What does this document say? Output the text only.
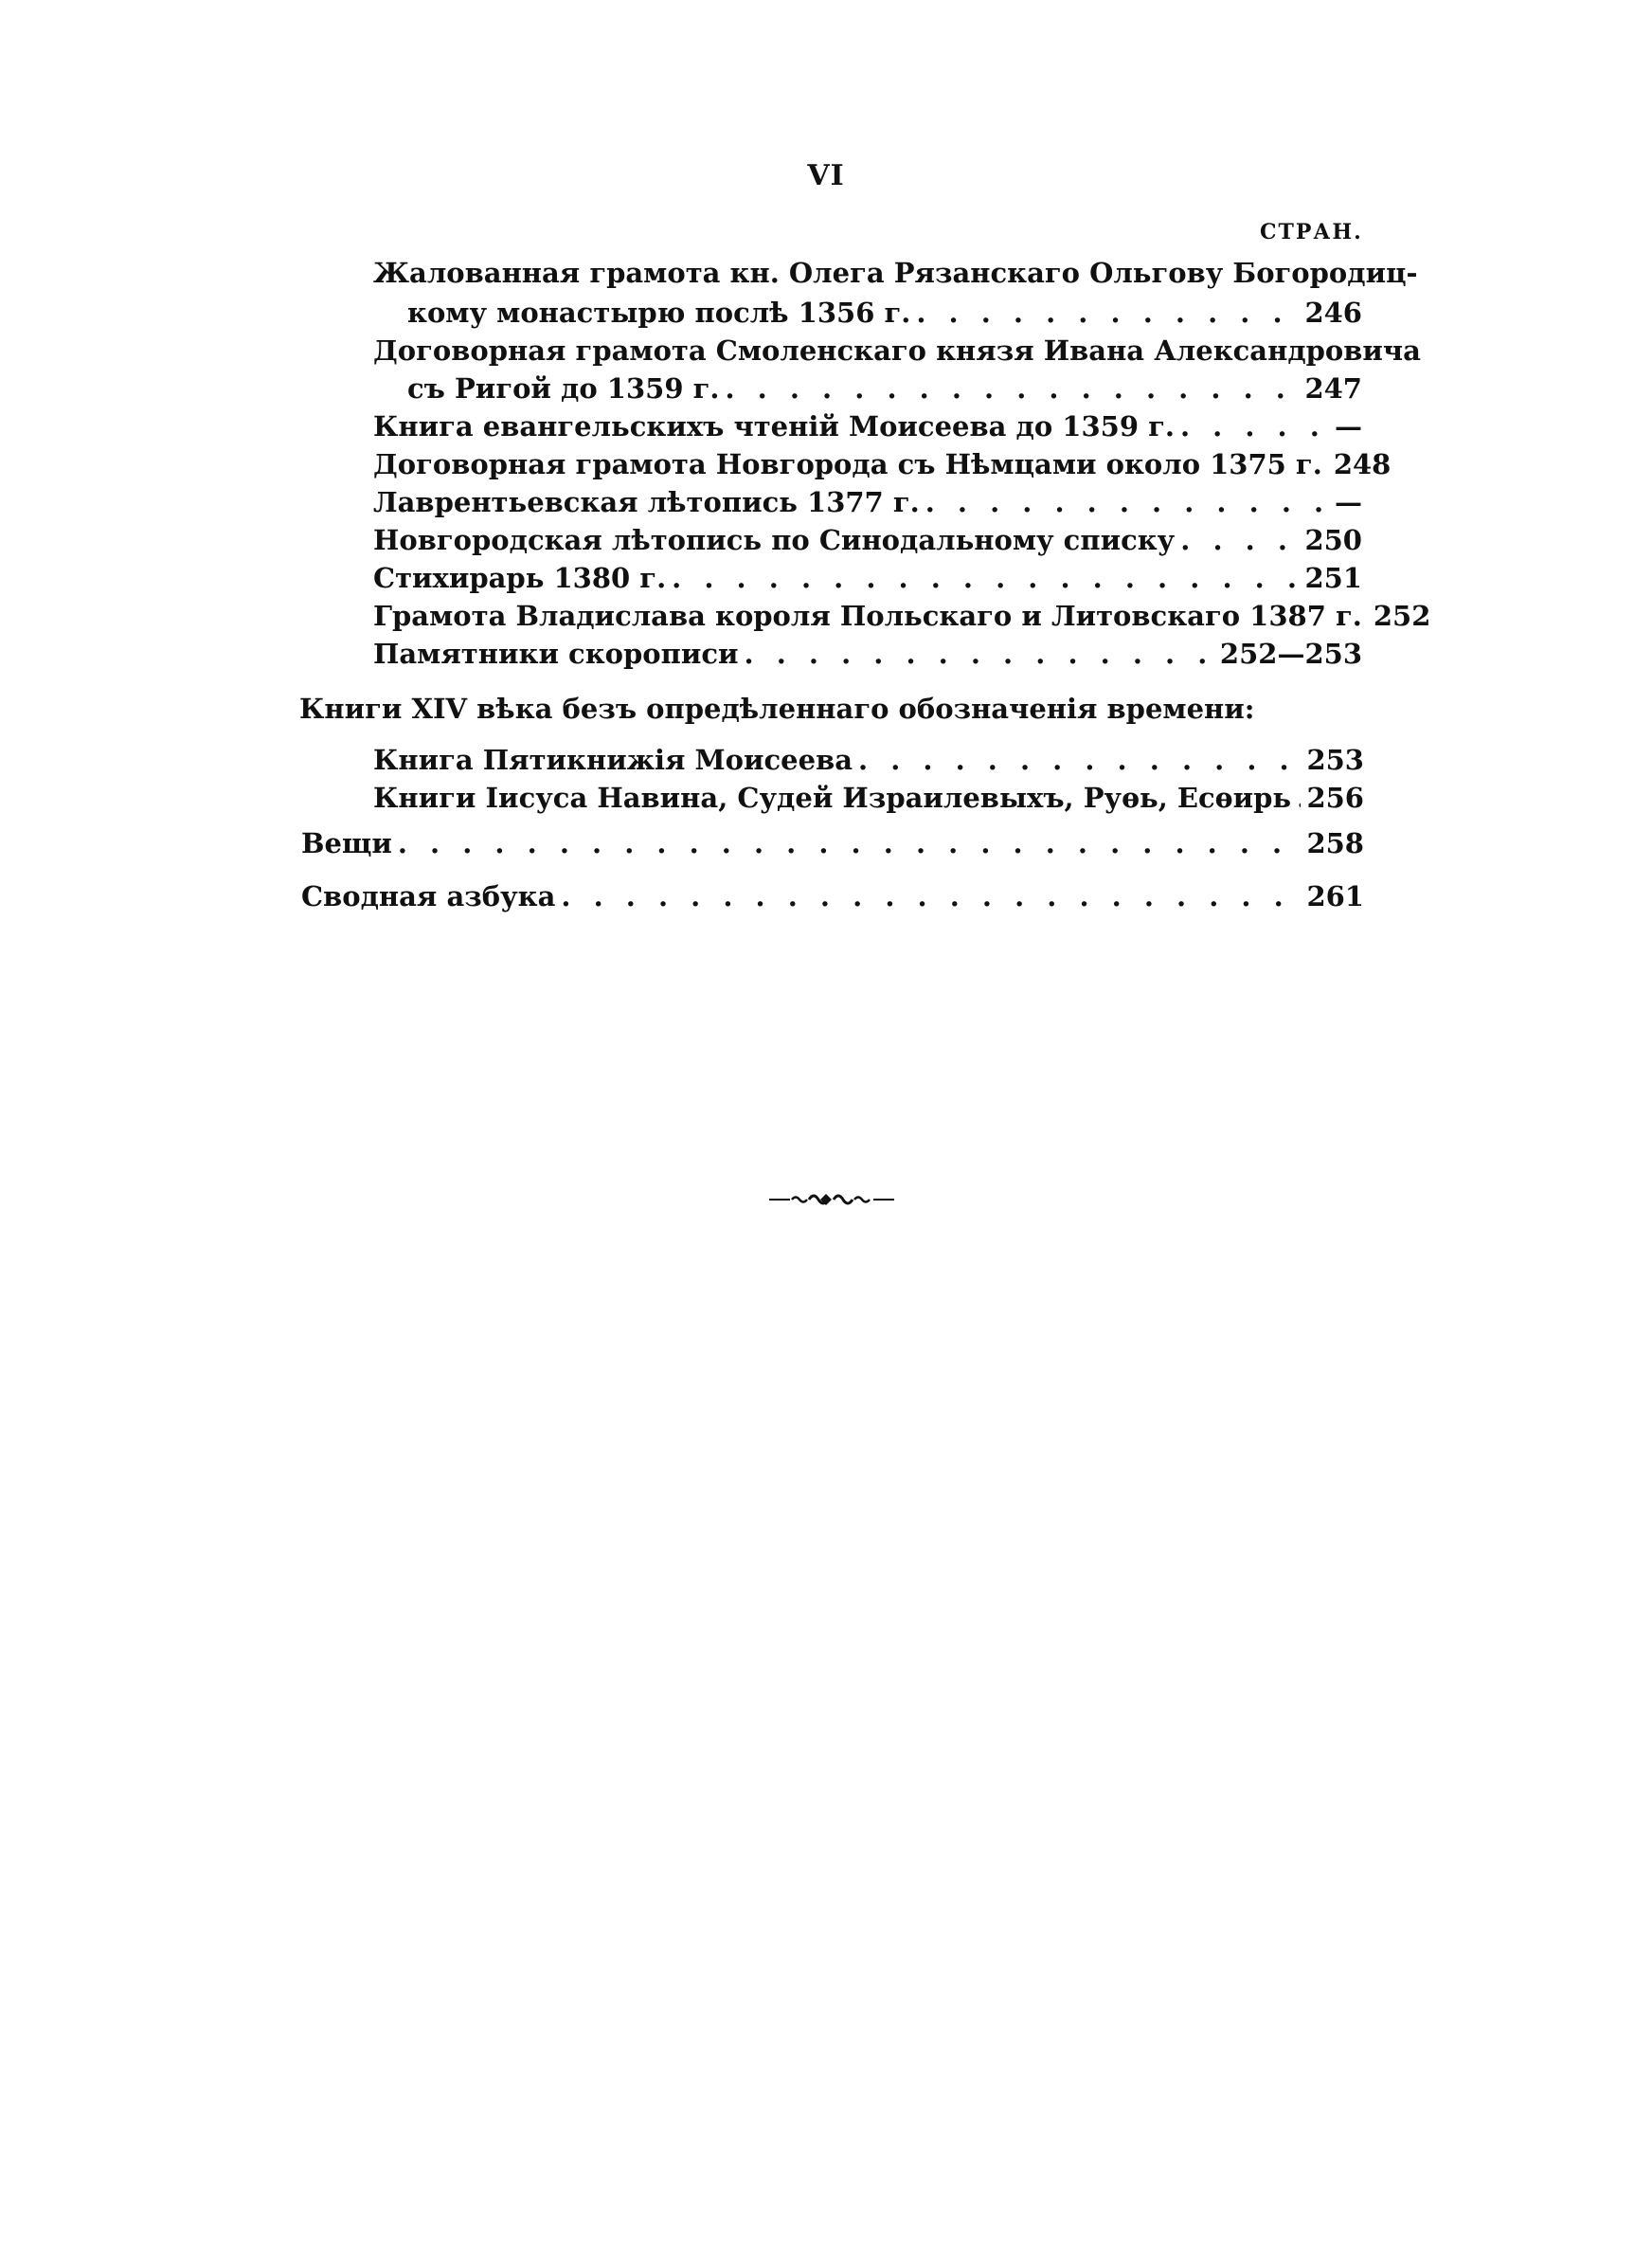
VI
СТРАН.
Жалованная грамота кн. Олега Рязанскаго Ольгову Богородиц-
кому монастырю послѣ 1356 г. . . .	246
Договорная грамота Смоленскаго князя Ивана Александровича
съ Ригой до 1359 г. . . .	247
Книга евангельскихъ чтеній Моисеева до 1359 г. . . .	—
Договорная грамота Новгорода съ Нѣмцами около 1375 г. 248
Лаврентьевская лѣтопись 1377 г. . . .	—
Новгородская лѣтопись по Синодальному списку . . .	250
Стихирарь 1380 г. . . .	251
Грамота Владислава короля Польскаго и Литовскаго 1387 г. 252
Памятники скорописи . . .	252—253
Книги XIV вѣка безъ опредѣленнаго обозначенія времени:
Книга Пятикнижія Моисеева . . .	253
Книги Іисуса Навина, Судей Израилевыхъ, Руѳь, Есѳирь . . . 256
Вещи . . .	258
Сводная азбука . . .	261
